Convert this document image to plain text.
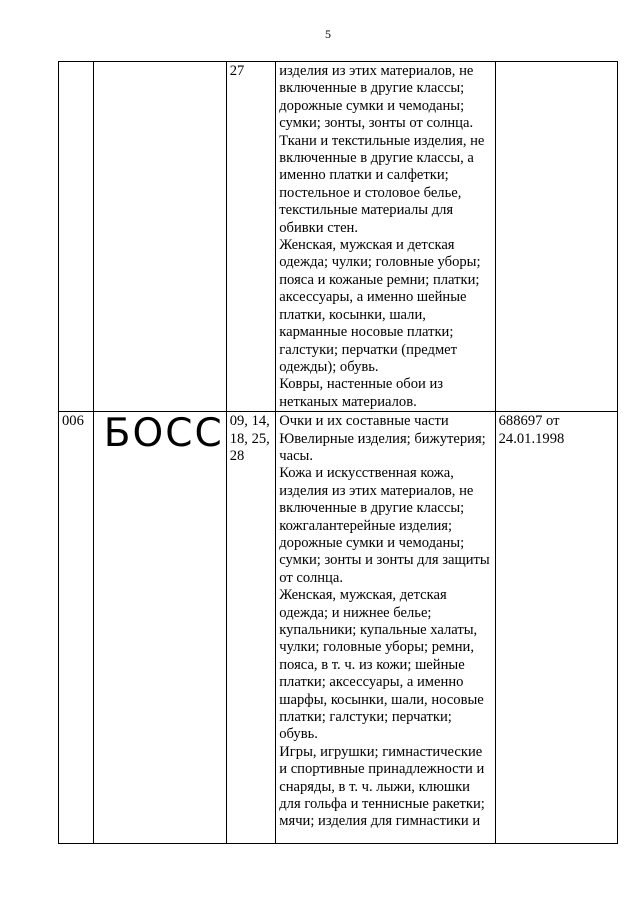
5
		27	изделия из этих материалов, не включенные в другие классы; дорожные сумки и чемоданы; сумки; зонты, зонты от солнца.
Ткани и текстильные изделия, не включенные в другие классы, а именно платки и салфетки; постельное и столовое белье, текстильные материалы для обивки стен.
Женская, мужская и детская одежда; чулки; головные уборы; пояса и кожаные ремни; платки; аксессуары, а именно шейные платки, косынки, шали, карманные носовые платки; галстуки; перчатки (предмет одежды); обувь.
Ковры, настенные обои из нетканых материалов.	

006	БОСС	09, 14, 18, 25, 28	Очки и их составные части
Ювелирные изделия; бижутерия; часы.
Кожа и искусственная кожа, изделия из этих материалов, не включенные в другие классы; кожгалантерейные изделия; дорожные сумки и чемоданы; сумки; зонты и зонты для защиты от солнца.
Женская, мужская, детская одежда; и нижнее белье; купальники; купальные халаты, чулки; головные уборы; ремни, пояса, в т. ч. из кожи; шейные платки; аксессуары, а именно шарфы, косынки, шали, носовые платки; галстуки; перчатки; обувь.
Игры, игрушки; гимнастические и спортивные принадлежности и снаряды, в т. ч. лыжи, клюшки для гольфа и теннисные ракетки; мячи; изделия для гимнастики и	688697 от 24.01.1998
